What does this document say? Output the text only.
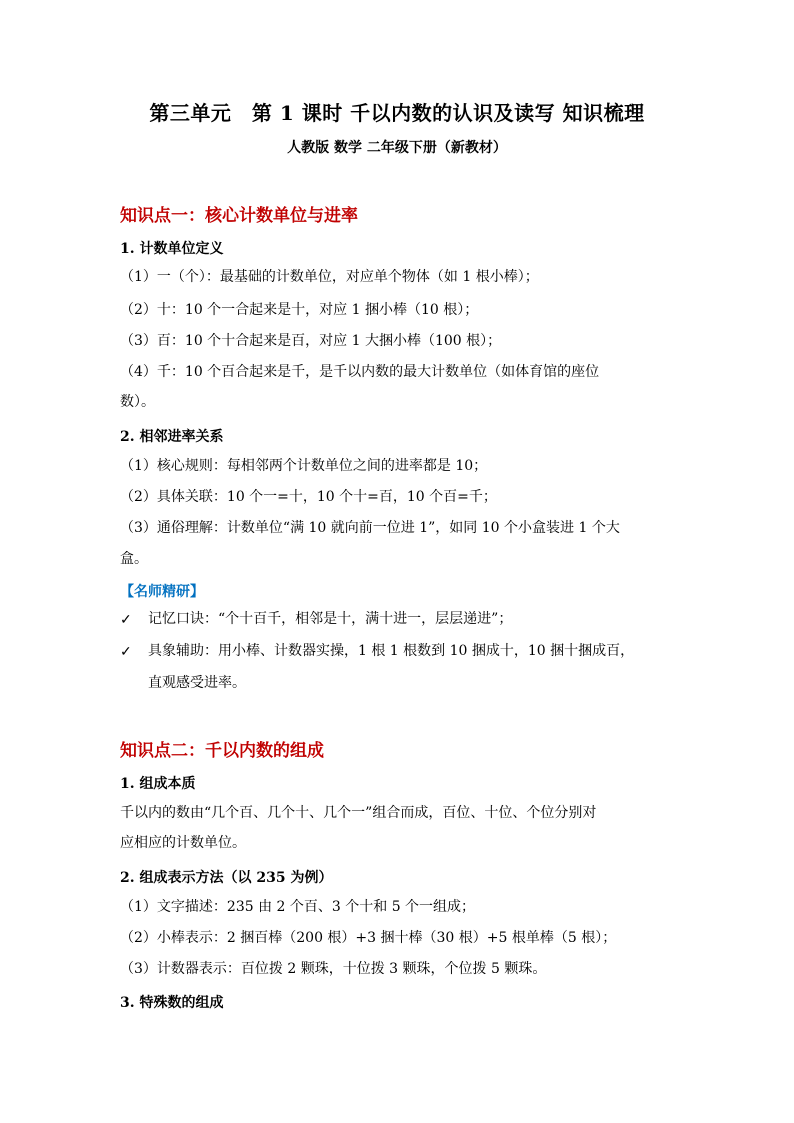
第三单元　第 1 课时 千以内数的认识及读写 知识梳理
人教版 数学 二年级下册（新教材）
知识点一：核心计数单位与进率
1. 计数单位定义
（1）一（个）：最基础的计数单位，对应单个物体（如 1 根小棒）；
（2）十：10 个一合起来是十，对应 1 捆小棒（10 根）；
（3）百：10 个十合起来是百，对应 1 大捆小棒（100 根）；
（4）千：10 个百合起来是千，是千以内数的最大计数单位（如体育馆的座位
数）。
2. 相邻进率关系
（1）核心规则：每相邻两个计数单位之间的进率都是 10；
（2）具体关联：10 个一=十，10 个十=百，10 个百=千；
（3）通俗理解：计数单位“满 10 就向前一位进 1”，如同 10 个小盒装进 1 个大
盒。
【名师精研】
✓ 记忆口诀：“个十百千，相邻是十，满十进一，层层递进”；
✓ 具象辅助：用小棒、计数器实操，1 根 1 根数到 10 捆成十，10 捆十捆成百，
直观感受进率。
知识点二：千以内数的组成
1. 组成本质
千以内的数由“几个百、几个十、几个一”组合而成，百位、十位、个位分别对
应相应的计数单位。
2. 组成表示方法（以 235 为例）
（1）文字描述：235 由 2 个百、3 个十和 5 个一组成；
（2）小棒表示：2 捆百棒（200 根）+3 捆十棒（30 根）+5 根单棒（5 根）；
（3）计数器表示：百位拨 2 颗珠，十位拨 3 颗珠，个位拨 5 颗珠。
3. 特殊数的组成
